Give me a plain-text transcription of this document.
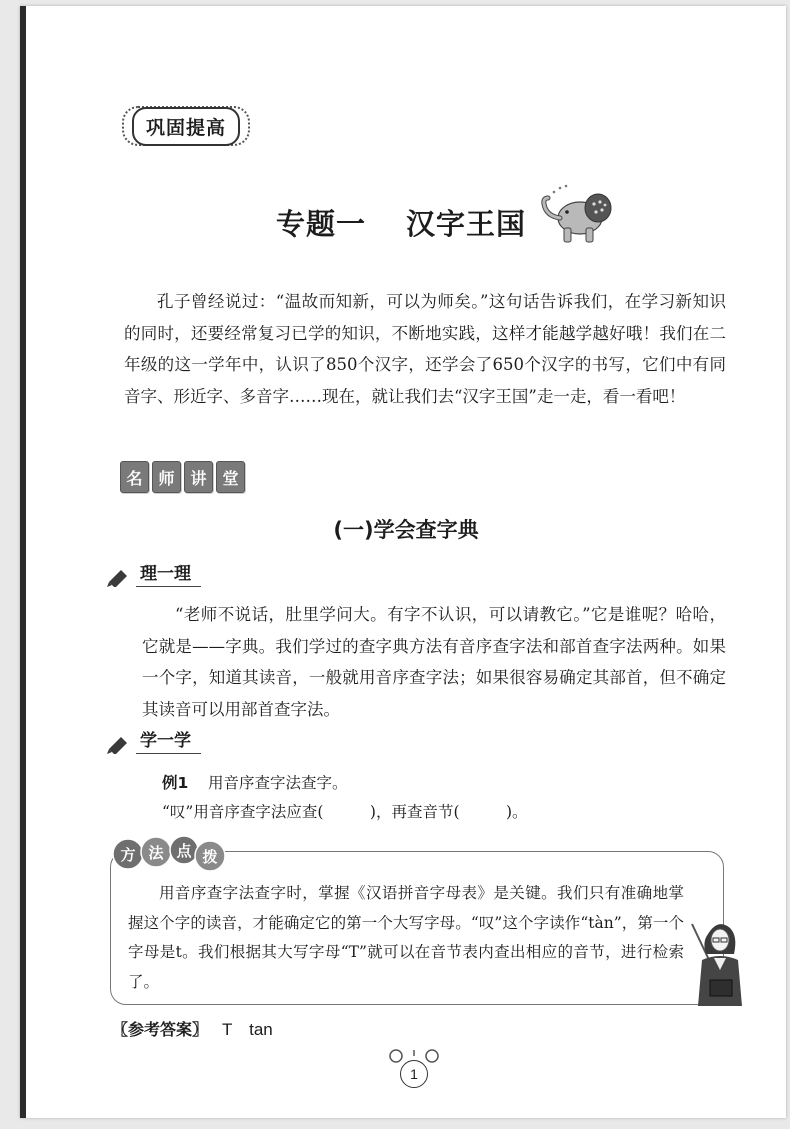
巩固提高
专题一 汉字王国
孔子曾经说过：“温故而知新，可以为师矣。”这句话告诉我们，在学习新知识的同时，还要经常复习已学的知识，不断地实践，这样才能越学越好哦！我们在二年级的这一学年中，认识了850个汉字，还学会了650个汉字的书写，它们中有同音字、形近字、多音字……现在，就让我们去“汉字王国”走一走，看一看吧！
名 师 讲 堂
(一)学会查字典
理一理
“老师不说话，肚里学问大。有字不认识，可以请教它。”它是谁呢？哈哈，它就是——字典。我们学过的查字典方法有音序查字法和部首查字法两种。如果一个字，知道其读音，一般就用音序查字法；如果很容易确定其部首，但不确定其读音可以用部首查字法。
学一学
例1 用音序查字法查字。
“叹”用音序查字法应查(　　　)，再查音节(　　　)。
方 法 点 拨
用音序查字法查字时，掌握《汉语拼音字母表》是关键。我们只有准确地掌握这个字的读音，才能确定它的第一个大写字母。“叹”这个字读作“tàn”，第一个字母是t。我们根据其大写字母“T”就可以在音节表内查出相应的音节，进行检索了。
〖参考答案〗 T　tan
1
